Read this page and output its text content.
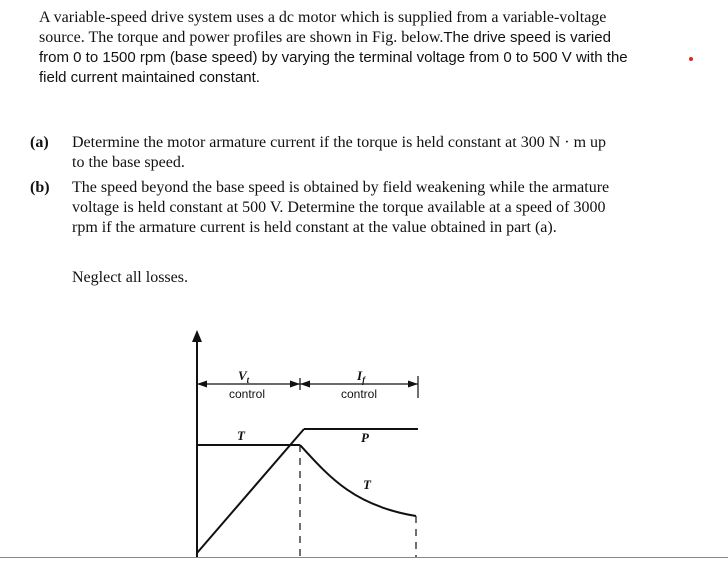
A variable-speed drive system uses a dc motor which is supplied from a variable-voltage source. The torque and power profiles are shown in Fig. below.The drive speed is varied from 0 to 1500 rpm (base speed) by varying the terminal voltage from 0 to 500 V with the field current maintained constant.

(a) Determine the motor armature current if the torque is held constant at 300 N · m up to the base speed.
(b) The speed beyond the base speed is obtained by field weakening while the armature voltage is held constant at 500 V. Determine the torque available at a speed of 3000 rpm if the armature current is held constant at the value obtained in part (a).
Neglect all losses.
$V_t$
control
$I_f$
control
T	P
T
